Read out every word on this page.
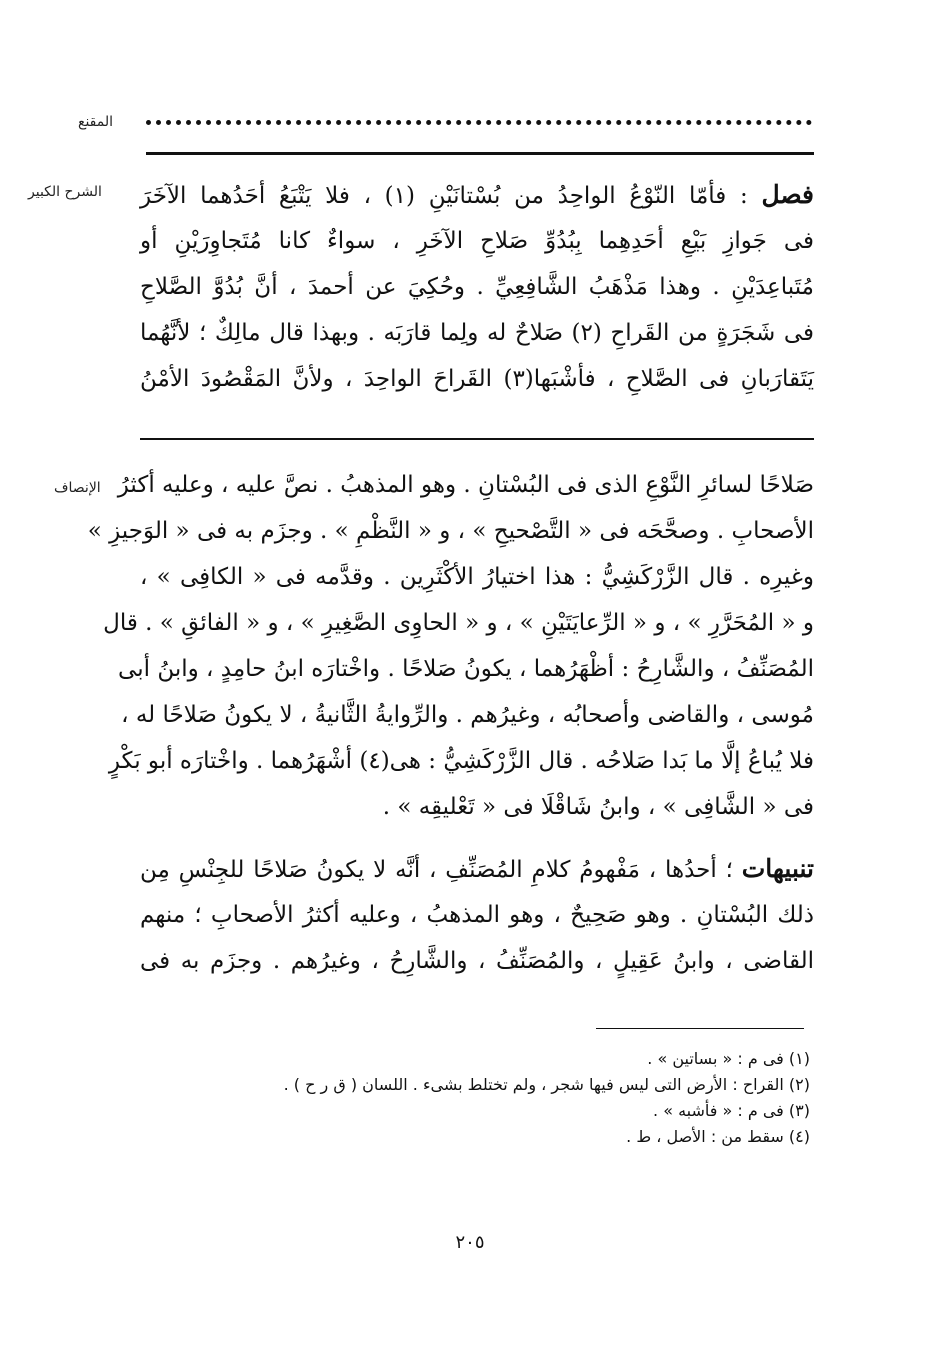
المقنع
الشرح الكبير
الإنصاف
فصل : فأمّا النّوْعُ الواحِدُ من بُسْتانَيْنِ (١) ، فلا يَتْبَعُ أحَدُهما الآخَرَ
فى جَوازِ بَيْعِ أحَدِهِما بِبُدُوِّ صَلاحِ الآخَرِ ، سواءٌ كانا مُتَجاوِرَيْنِ أو
مُتَباعِدَيْنِ . وهذا مَذْهَبُ الشَّافِعِيِّ . وحُكِيَ عن أحمدَ ، أنَّ بُدُوَّ الصَّلاحِ
فى شَجَرَةٍ من القَراحِ (٢) صَلاحٌ له ولِما قارَبَه . وبهذا قال مالِكٌ ؛ لأنَّهُما
يَتَقارَبانِ فى الصَّلاحِ ، فأشْبَها(٣) القَراحَ الواحِدَ ، ولأنَّ المَقْصُودَ الأمْنُ
صَلاحًا لسائرِ النَّوْعِ الذى فى البُسْتانِ . وهو المذهبُ . نصَّ عليه ، وعليه أكثرُ
الأصحابِ . وصحَّحَه فى « التَّصْحيحِ » ، و « النَّظْمِ » . وجزَم به فى « الوَجيزِ »
وغيرِه . قال الزَّرْكَشِيُّ : هذا اختيارُ الأكْثَرِين . وقدَّمه فى « الكافِى » ،
و « المُحَرَّرِ » ، و « الرِّعايَتَيْنِ » ، و « الحاوِى الصَّغِيرِ » ، و « الفائقِ » . قال
المُصَنِّفُ ، والشَّارِحُ : أظْهَرُهما ، يكونُ صَلاحًا . واخْتارَه ابنُ حامِدٍ ، وابنُ أبى
مُوسى ، والقاضى وأصحابُه ، وغيرُهم . والرِّوايةُ الثَّانيةُ ، لا يكونُ صَلاحًا له ،
فلا يُباعُ إلَّا ما بَدا صَلاحُه . قال الزَّرْكَشِيُّ : هى(٤) أشْهَرُهما . واخْتارَه أبو بَكْرٍ
فى « الشَّافِى » ، وابنُ شَاقْلَا فى « تَعْليقِه » .
تنبيهات ؛ أحدُها ، مَفْهومُ كلامِ المُصَنِّفِ ، أنَّه لا يكونُ صَلاحًا للجِنْسِ مِن
ذلك البُسْتانِ . وهو صَحِيحٌ ، وهو المذهبُ ، وعليه أكثرُ الأصحابِ ؛ منهم
القاضى ، وابنُ عَقِيلٍ ، والمُصَنِّفُ ، والشَّارِحُ ، وغيرُهم . وجزَم به فى
(١) فى م : « بساتين » .
(٢) القراح : الأرض التى ليس فيها شجر ، ولم تختلط بشىء . اللسان ( ق ر ح ) .
(٣) فى م : « فأشبه » .
(٤) سقط من : الأصل ، ط .
٢٠٥
